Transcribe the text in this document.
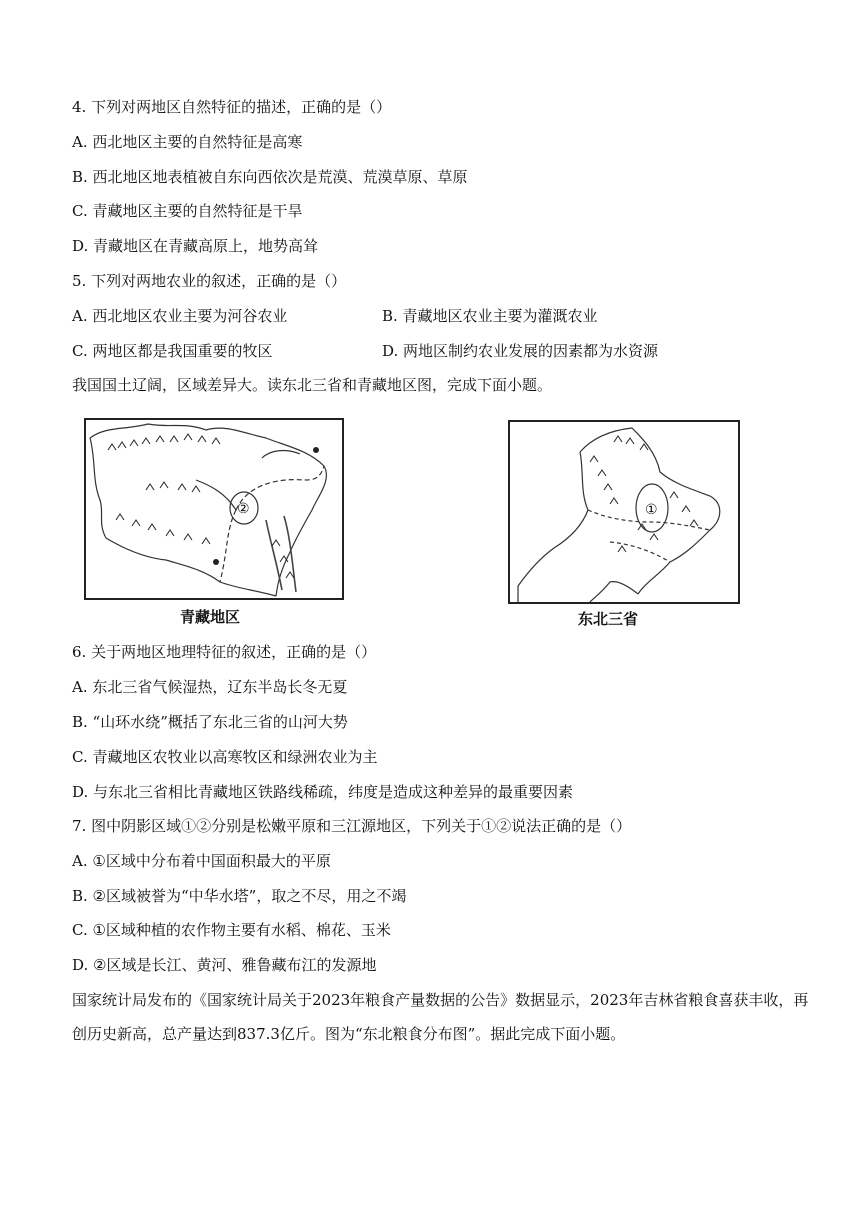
4. 下列对两地区自然特征的描述，正确的是（）
A. 西北地区主要的自然特征是高寒
B. 西北地区地表植被自东向西依次是荒漠、荒漠草原、草原
C. 青藏地区主要的自然特征是干旱
D. 青藏地区在青藏高原上，地势高耸
5. 下列对两地农业的叙述，正确的是（）
A. 西北地区农业主要为河谷农业	B. 青藏地区农业主要为灌溉农业
C. 两地区都是我国重要的牧区	D. 两地区制约农业发展的因素都为水资源
我国国土辽阔，区域差异大。读东北三省和青藏地区图，完成下面小题。
②
青藏地区
①
东北三省
6. 关于两地区地理特征的叙述，正确的是（）
A. 东北三省气候湿热，辽东半岛长冬无夏
B. “山环水绕”概括了东北三省的山河大势
C. 青藏地区农牧业以高寒牧区和绿洲农业为主
D. 与东北三省相比青藏地区铁路线稀疏，纬度是造成这种差异的最重要因素
7. 图中阴影区域①②分别是松嫩平原和三江源地区，下列关于①②说法正确的是（）
A. ①区域中分布着中国面积最大的平原
B. ②区域被誉为“中华水塔”，取之不尽，用之不竭
C. ①区域种植的农作物主要有水稻、棉花、玉米
D. ②区域是长江、黄河、雅鲁藏布江的发源地
国家统计局发布的《国家统计局关于2023年粮食产量数据的公告》数据显示，2023年吉林省粮食喜获丰收，再创历史新高，总产量达到837.3亿斤。图为“东北粮食分布图”。据此完成下面小题。
